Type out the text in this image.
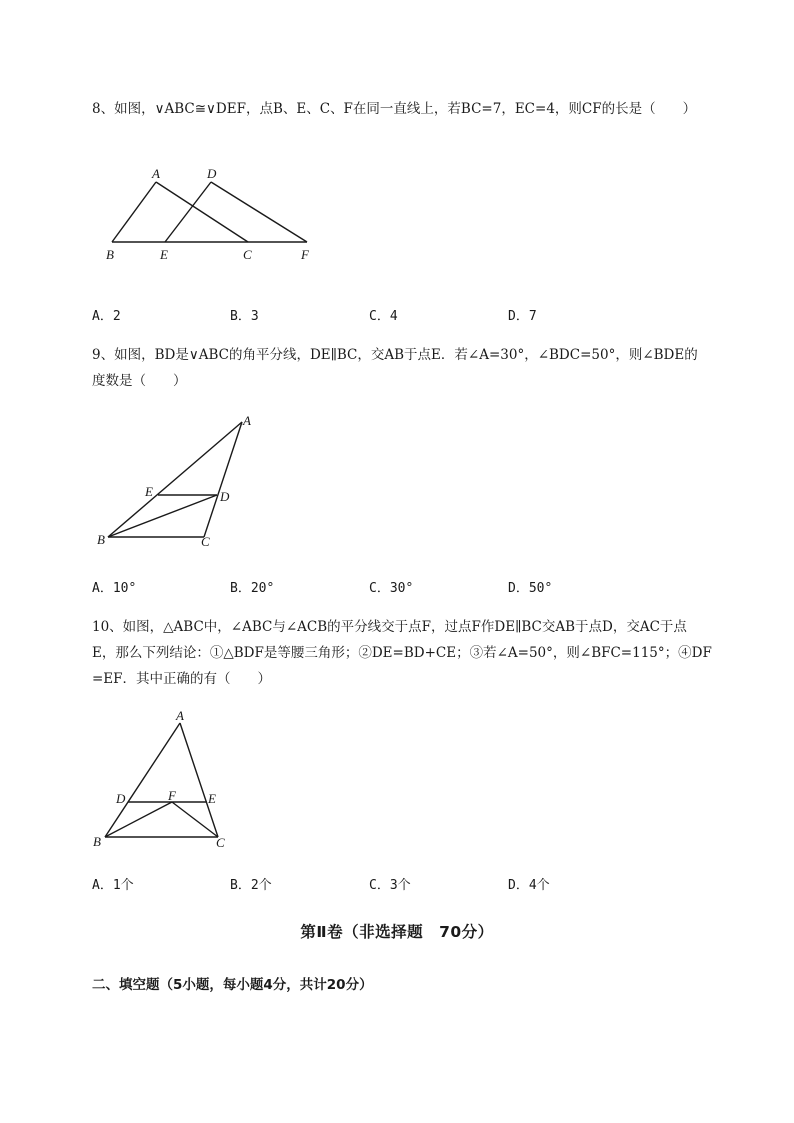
8、如图，∨ABC≅∨DEF，点B、E、C、F在同一直线上，若BC=7，EC=4，则CF的长是（　　）
A	D
B	E	C	F
A．2	B．3	C．4	D．7
9、如图，BD是∨ABC的角平分线，DE∥BC，交AB于点E．若∠A=30°，∠BDC=50°，则∠BDE的
度数是（　　）
A
E	D
B	C
A．10°	B．20°	C．30°	D．50°
10、如图，△ABC中，∠ABC与∠ACB的平分线交于点F，过点F作DE∥BC交AB于点D，交AC于点
E，那么下列结论：①△BDF是等腰三角形；②DE=BD+CE；③若∠A=50°，则∠BFC=115°；④DF
=EF．其中正确的有（　　）
A
D	F E
B	C
A．1个	B．2个	C．3个	D．4个
第Ⅱ卷（非选择题　70分）
二、填空题（5小题，每小题4分，共计20分）
